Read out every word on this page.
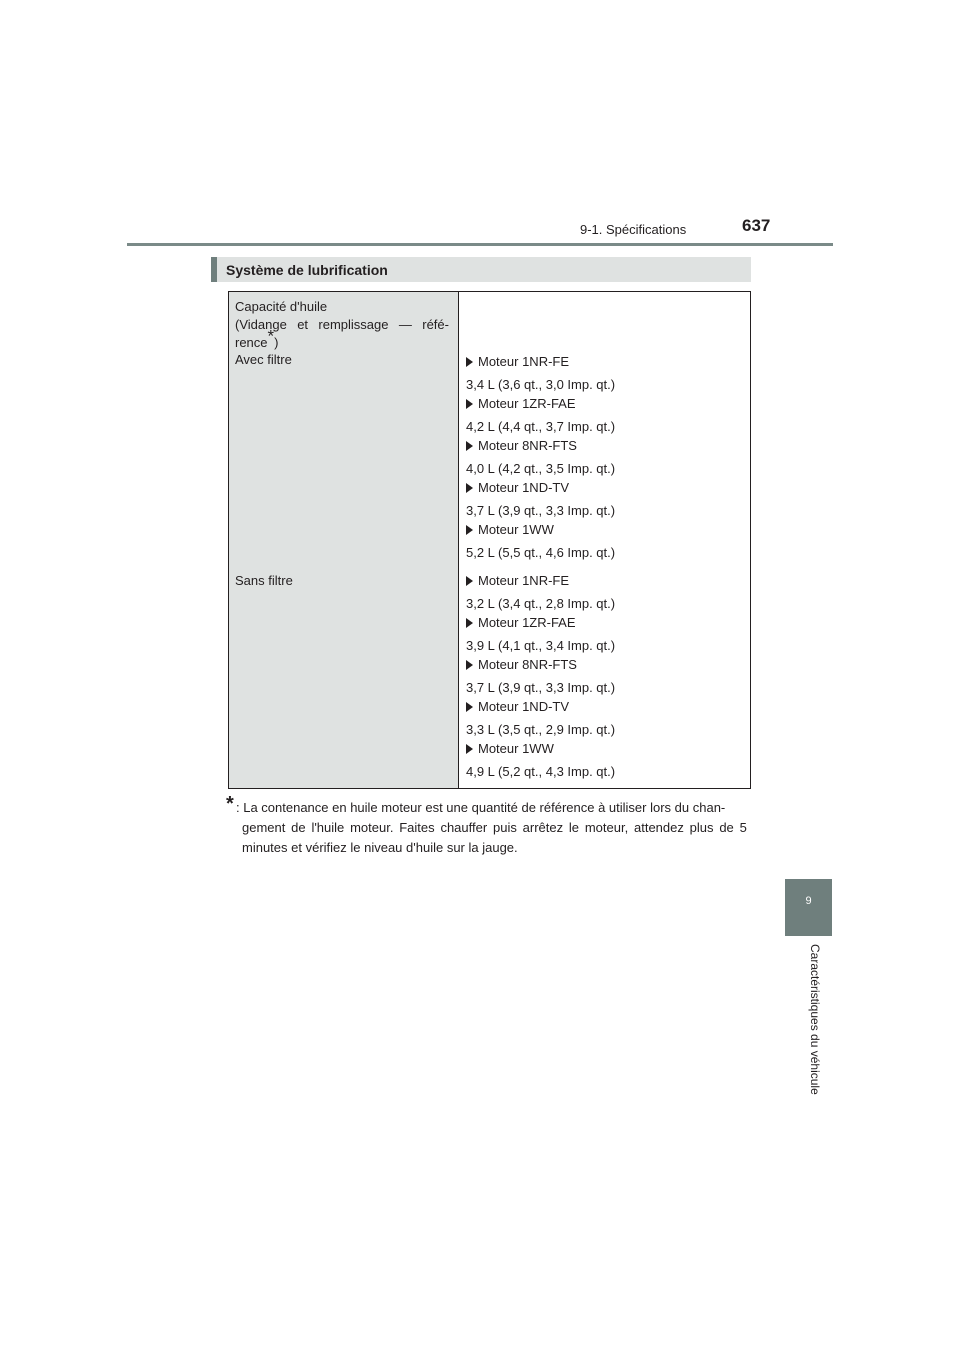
9-1. Spécifications	637
9
Caractéristiques du véhicule
Système de lubrification
Capacité d'huile
(Vidange et remplissage — réfé-
rence*)
Avec filtre
Sans filtre
Moteur 1NR-FE
3,4 L (3,6 qt., 3,0 Imp. qt.)
Moteur 1ZR-FAE
4,2 L (4,4 qt., 3,7 Imp. qt.)
Moteur 8NR-FTS
4,0 L (4,2 qt., 3,5 Imp. qt.)
Moteur 1ND-TV
3,7 L (3,9 qt., 3,3 Imp. qt.)
Moteur 1WW
5,2 L (5,5 qt., 4,6 Imp. qt.)
Moteur 1NR-FE
3,2 L (3,4 qt., 2,8 Imp. qt.)
Moteur 1ZR-FAE
3,9 L (4,1 qt., 3,4 Imp. qt.)
Moteur 8NR-FTS
3,7 L (3,9 qt., 3,3 Imp. qt.)
Moteur 1ND-TV
3,3 L (3,5 qt., 2,9 Imp. qt.)
Moteur 1WW
4,9 L (5,2 qt., 4,3 Imp. qt.)
* : La contenance en huile moteur est une quantité de référence à utiliser lors du chan-
gement de l'huile moteur. Faites chauffer puis arrêtez le moteur, attendez plus de 5
minutes et vérifiez le niveau d'huile sur la jauge.
